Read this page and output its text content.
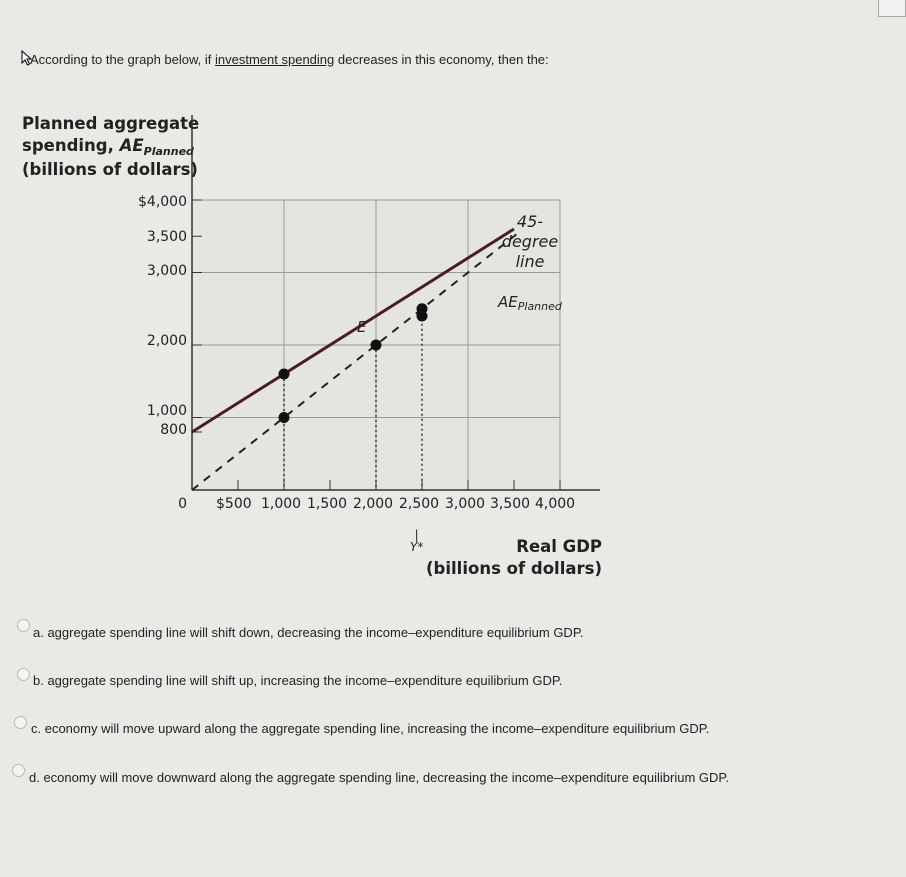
According to the graph below, if investment spending decreases in this economy, then the:
Planned aggregate
spending, $AE_{Planned}$
(billions of dollars)
$4,000
3,500
3,000
2,000
1,000
800
0 $500 1,000 1,500 2,000 2,500 3,000 3,500 4,000
|
Y*	Real GDP
(billions of dollars)
45-degree
line
$AE_{Planned}$
E
a. aggregate spending line will shift down, decreasing the income–expenditure equilibrium GDP.
b. aggregate spending line will shift up, increasing the income–expenditure equilibrium GDP.
c. economy will move upward along the aggregate spending line, increasing the income–expenditure equilibrium GDP.
d. economy will move downward along the aggregate spending line, decreasing the income–expenditure equilibrium GDP.
